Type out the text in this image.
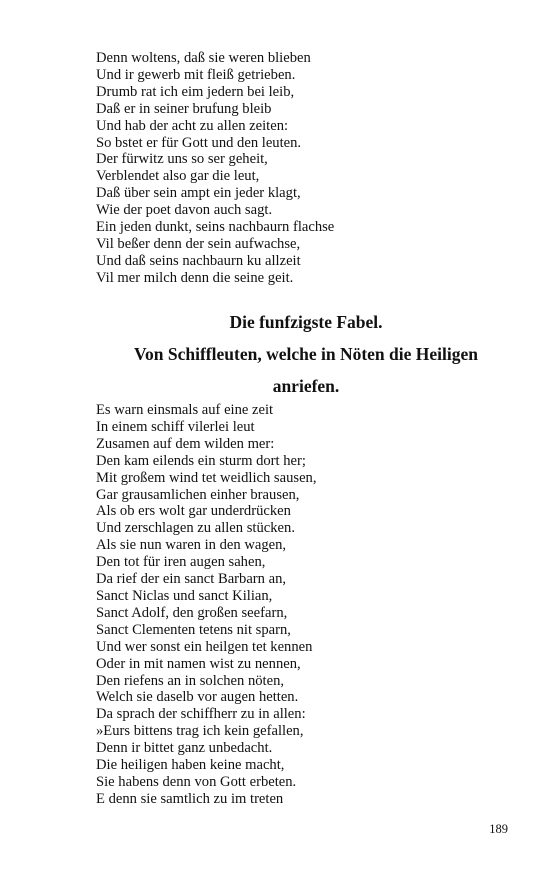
Denn woltens, daß sie weren blieben
Und ir gewerb mit fleiß getrieben.
Drumb rat ich eim jedern bei leib,
Daß er in seiner brufung bleib
Und hab der acht zu allen zeiten:
So bstet er für Gott und den leuten.
Der fürwitz uns so ser geheit,
Verblendet also gar die leut,
Daß über sein ampt ein jeder klagt,
Wie der poet davon auch sagt.
Ein jeden dunkt, seins nachbaurn flachse
Vil beßer denn der sein aufwachse,
Und daß seins nachbaurn ku allzeit
Vil mer milch denn die seine geit.
Die funfzigste Fabel.
Von Schiffleuten, welche in Nöten die Heiligen
anriefen.
Es warn einsmals auf eine zeit
In einem schiff vilerlei leut
Zusamen auf dem wilden mer:
Den kam eilends ein sturm dort her;
Mit großem wind tet weidlich sausen,
Gar grausamlichen einher brausen,
Als ob ers wolt gar underdrücken
Und zerschlagen zu allen stücken.
Als sie nun waren in den wagen,
Den tot für iren augen sahen,
Da rief der ein sanct Barbarn an,
Sanct Niclas und sanct Kilian,
Sanct Adolf, den großen seefarn,
Sanct Clementen tetens nit sparn,
Und wer sonst ein heilgen tet kennen
Oder in mit namen wist zu nennen,
Den riefens an in solchen nöten,
Welch sie daselb vor augen hetten.
Da sprach der schiffherr zu in allen:
»Eurs bittens trag ich kein gefallen,
Denn ir bittet ganz unbedacht.
Die heiligen haben keine macht,
Sie habens denn von Gott erbeten.
E denn sie samtlich zu im treten
189
